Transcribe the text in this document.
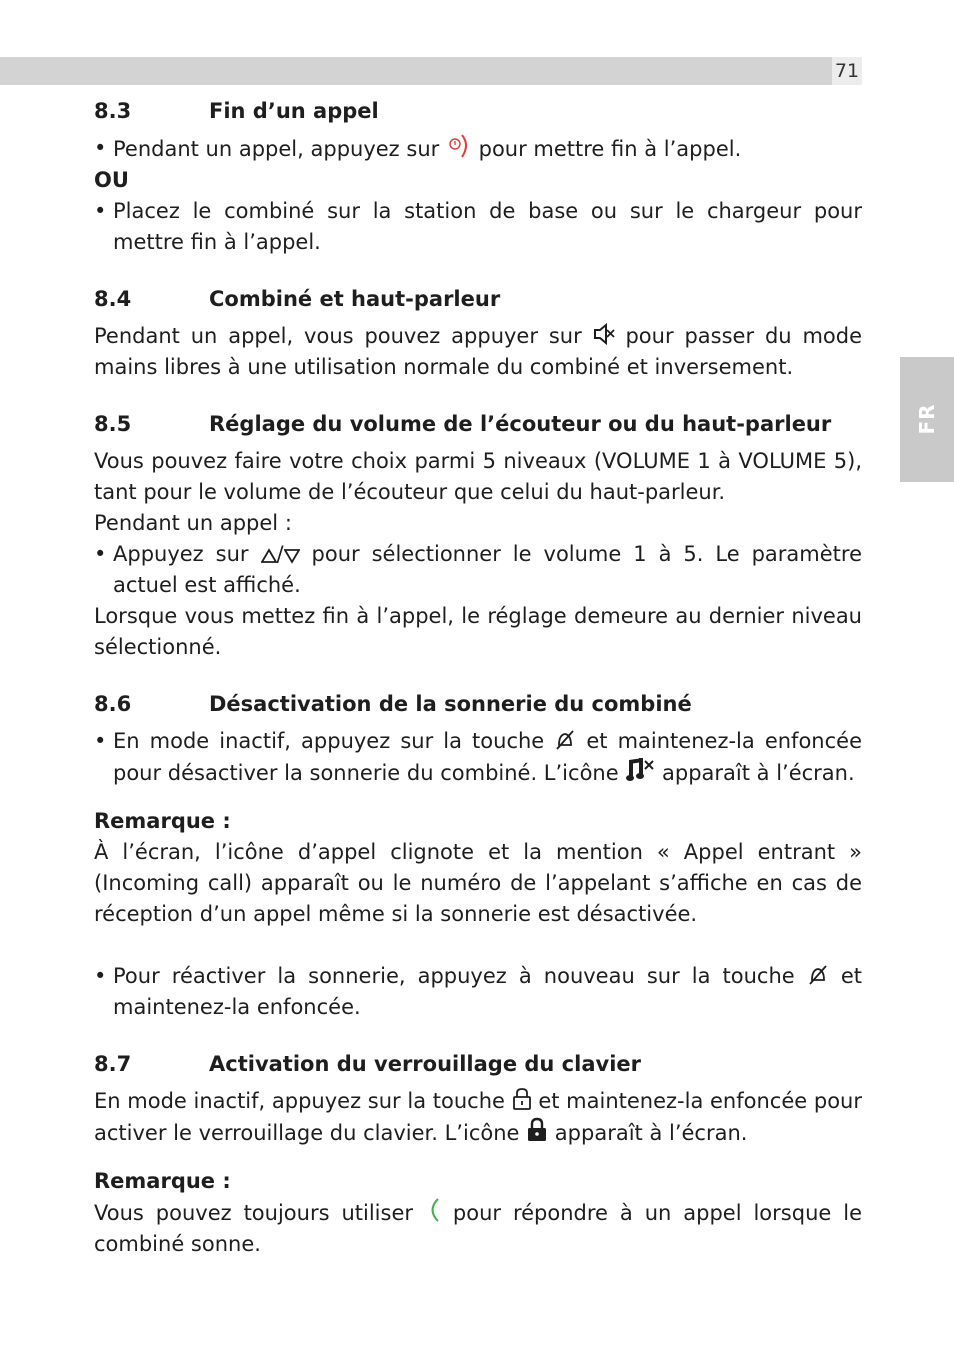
71
FR
8.3	Fin d’un appel
• Pendant un appel, appuyez sur
pour mettre fin à l’appel.
OU
• Placez le combiné sur la station de base ou sur le chargeur pour mettre fin à l’appel.
8.4	Combiné et haut-parleur

Pendant un appel, vous pouvez appuyer sur
pour passer du mode mains libres à une utilisation normale du combiné et inversement.

8.5	Réglage du volume de l’écouteur ou du haut-parleur

Vous pouvez faire votre choix parmi 5 niveaux (VOLUME 1 à VOLUME 5), tant pour le volume de l’écouteur que celui du haut-parleur.

Pendant un appel :

• Appuyez sur
/
pour sélectionner le volume 1 à 5. Le paramètre actuel est affiché.

Lorsque vous mettez fin à l’appel, le réglage demeure au dernier niveau sélectionné.

8.6	Désactivation de la sonnerie du combiné
• En mode inactif, appuyez sur la touche
et maintenez-la enfoncée pour désactiver la sonnerie du combiné. L’icône
apparaît à l’écran.
Remarque :

À l’écran, l’icône d’appel clignote et la mention « Appel entrant » (Incoming call) apparaît ou le numéro de l’appelant s’affiche en cas de réception d’un appel même si la sonnerie est désactivée.

• Pour réactiver la sonnerie, appuyez à nouveau sur la touche
et maintenez-la enfoncée.
8.7	Activation du verrouillage du clavier

En mode inactif, appuyez sur la touche
et maintenez-la enfoncée pour activer le verrouillage du clavier. L’icône
apparaît à l’écran.

Remarque :

Vous pouvez toujours utiliser
pour répondre à un appel lorsque le combiné sonne.
